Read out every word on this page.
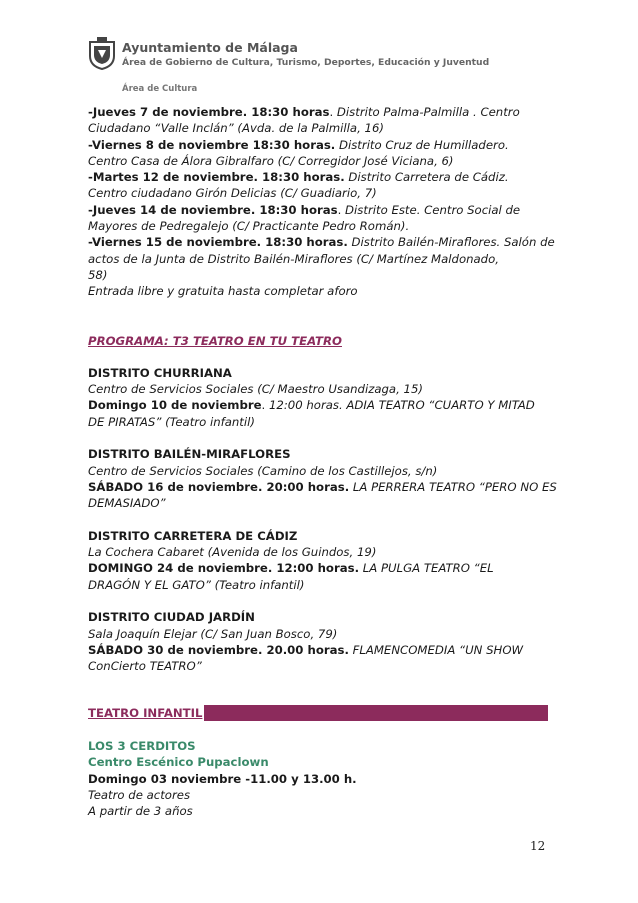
Ayuntamiento de Málaga
Área de Gobierno de Cultura, Turismo, Deportes, Educación y Juventud
Área de Cultura
-Jueves 7 de noviembre. 18:30 horas. Distrito Palma-Palmilla . Centro
Ciudadano “Valle Inclán” (Avda. de la Palmilla, 16)
-Viernes 8 de noviembre 18:30 horas. Distrito Cruz de Humilladero.
Centro Casa de Álora Gibralfaro (C/ Corregidor José Viciana, 6)
-Martes 12 de noviembre. 18:30 horas. Distrito Carretera de Cádiz.
Centro ciudadano Girón Delicias (C/ Guadiario, 7)
-Jueves 14 de noviembre. 18:30 horas. Distrito Este. Centro Social de
Mayores de Pedregalejo (C/ Practicante Pedro Román).
-Viernes 15 de noviembre. 18:30 horas. Distrito Bailén-Miraflores. Salón de
actos de la Junta de Distrito Bailén-Miraflores (C/ Martínez Maldonado,
58)
Entrada libre y gratuita hasta completar aforo
PROGRAMA: T3 TEATRO EN TU TEATRO
DISTRITO CHURRIANA
Centro de Servicios Sociales (C/ Maestro Usandizaga, 15)
Domingo 10 de noviembre. 12:00 horas. ADIA TEATRO “CUARTO Y MITAD
DE PIRATAS” (Teatro infantil)
DISTRITO BAILÉN-MIRAFLORES
Centro de Servicios Sociales (Camino de los Castillejos, s/n)
SÁBADO 16 de noviembre. 20:00 horas. LA PERRERA TEATRO “PERO NO ES
DEMASIADO”
DISTRITO CARRETERA DE CÁDIZ
La Cochera Cabaret (Avenida de los Guindos, 19)
DOMINGO 24 de noviembre. 12:00 horas. LA PULGA TEATRO “EL
DRAGÓN Y EL GATO” (Teatro infantil)
DISTRITO CIUDAD JARDÍN
Sala Joaquín Elejar (C/ San Juan Bosco, 79)
SÁBADO 30 de noviembre. 20.00 horas. FLAMENCOMEDIA “UN SHOW
ConCierto TEATRO”
TEATRO INFANTIL
LOS 3 CERDITOS
Centro Escénico Pupaclown
Domingo 03 noviembre -11.00 y 13.00 h.
Teatro de actores
A partir de 3 años
12
